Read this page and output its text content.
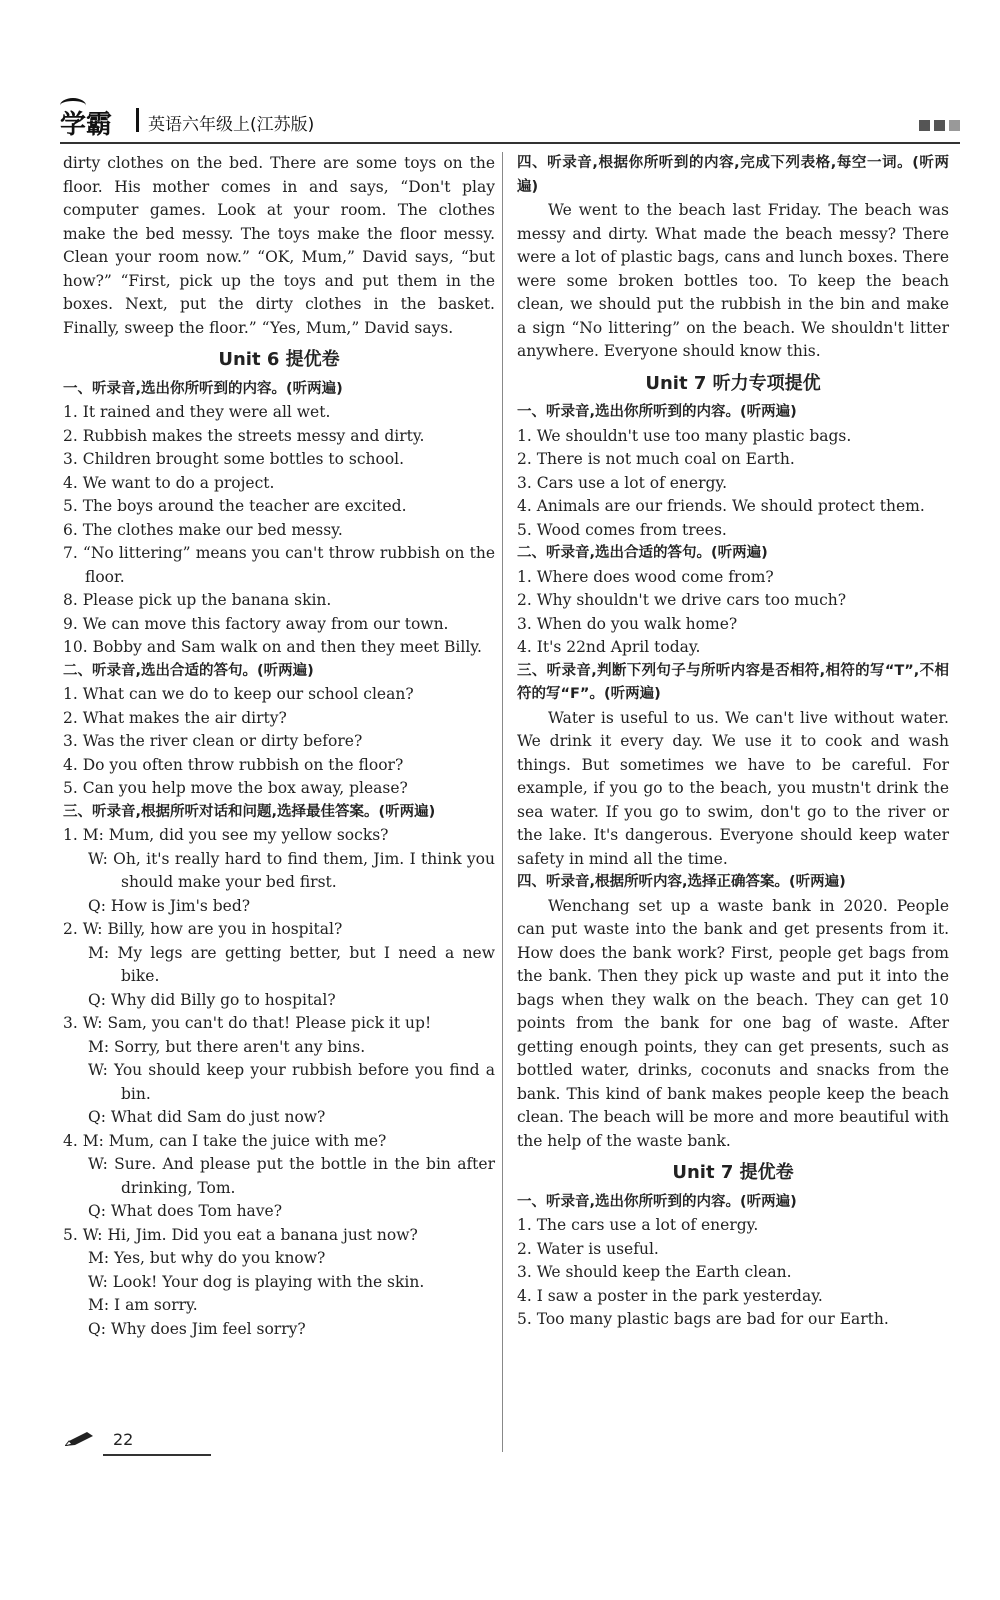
学霸 英语六年级上(江苏版)

dirty clothes on the bed. There are some toys on the floor. His mother comes in and says, “Don't play computer games. Look at your room. The clothes make the bed messy. The toys make the floor messy. Clean your room now.” “OK, Mum,” David says, “but how?” “First, pick up the toys and put them in the boxes. Next, put the dirty clothes in the basket. Finally, sweep the floor.” “Yes, Mum,” David says.

Unit 6 提优卷

一、听录音,选出你所听到的内容。(听两遍)

1. It rained and they were all wet.

2. Rubbish makes the streets messy and dirty.

3. Children brought some bottles to school.

4. We want to do a project.

5. The boys around the teacher are excited.

6. The clothes make our bed messy.

7. “No littering” means you can't throw rubbish on the floor.

8. Please pick up the banana skin.

9. We can move this factory away from our town.

10. Bobby and Sam walk on and then they meet Billy.

二、听录音,选出合适的答句。(听两遍)

1. What can we do to keep our school clean?

2. What makes the air dirty?

3. Was the river clean or dirty before?

4. Do you often throw rubbish on the floor?

5. Can you help move the box away, please?

三、听录音,根据所听对话和问题,选择最佳答案。(听两遍)

1. M: Mum, did you see my yellow socks?

W: Oh, it's really hard to find them, Jim. I think you should make your bed first.

Q: How is Jim's bed?

2. W: Billy, how are you in hospital?

M: My legs are getting better, but I need a new bike.

Q: Why did Billy go to hospital?

3. W: Sam, you can't do that! Please pick it up!

M: Sorry, but there aren't any bins.

W: You should keep your rubbish before you find a bin.

Q: What did Sam do just now?

4. M: Mum, can I take the juice with me?

W: Sure. And please put the bottle in the bin after drinking, Tom.

Q: What does Tom have?

5. W: Hi, Jim. Did you eat a banana just now?

M: Yes, but why do you know?

W: Look! Your dog is playing with the skin.

M: I am sorry.

Q: Why does Jim feel sorry?

四、听录音,根据你所听到的内容,完成下列表格,每空一词。(听两遍)

We went to the beach last Friday. The beach was messy and dirty. What made the beach messy? There were a lot of plastic bags, cans and lunch boxes. There were some broken bottles too. To keep the beach clean, we should put the rubbish in the bin and make a sign “No littering” on the beach. We shouldn't litter anywhere. Everyone should know this.

Unit 7 听力专项提优

一、听录音,选出你所听到的内容。(听两遍)

1. We shouldn't use too many plastic bags.

2. There is not much coal on Earth.

3. Cars use a lot of energy.

4. Animals are our friends. We should protect them.

5. Wood comes from trees.

二、听录音,选出合适的答句。(听两遍)

1. Where does wood come from?

2. Why shouldn't we drive cars too much?

3. When do you walk home?

4. It's 22nd April today.

三、听录音,判断下列句子与所听内容是否相符,相符的写“T”,不相符的写“F”。(听两遍)

Water is useful to us. We can't live without water. We drink it every day. We use it to cook and wash things. But sometimes we have to be careful. For example, if you go to the beach, you mustn't drink the sea water. If you go to swim, don't go to the river or the lake. It's dangerous. Everyone should keep water safety in mind all the time.

四、听录音,根据所听内容,选择正确答案。(听两遍)

Wenchang set up a waste bank in 2020. People can put waste into the bank and get presents from it. How does the bank work? First, people get bags from the bank. Then they pick up waste and put it into the bags when they walk on the beach. They can get 10 points from the bank for one bag of waste. After getting enough points, they can get presents, such as bottled water, drinks, coconuts and snacks from the bank. This kind of bank makes people keep the beach clean. The beach will be more and more beautiful with the help of the waste bank.

Unit 7 提优卷

一、听录音,选出你所听到的内容。(听两遍)

1. The cars use a lot of energy.

2. Water is useful.

3. We should keep the Earth clean.

4. I saw a poster in the park yesterday.

5. Too many plastic bags are bad for our Earth.

22
